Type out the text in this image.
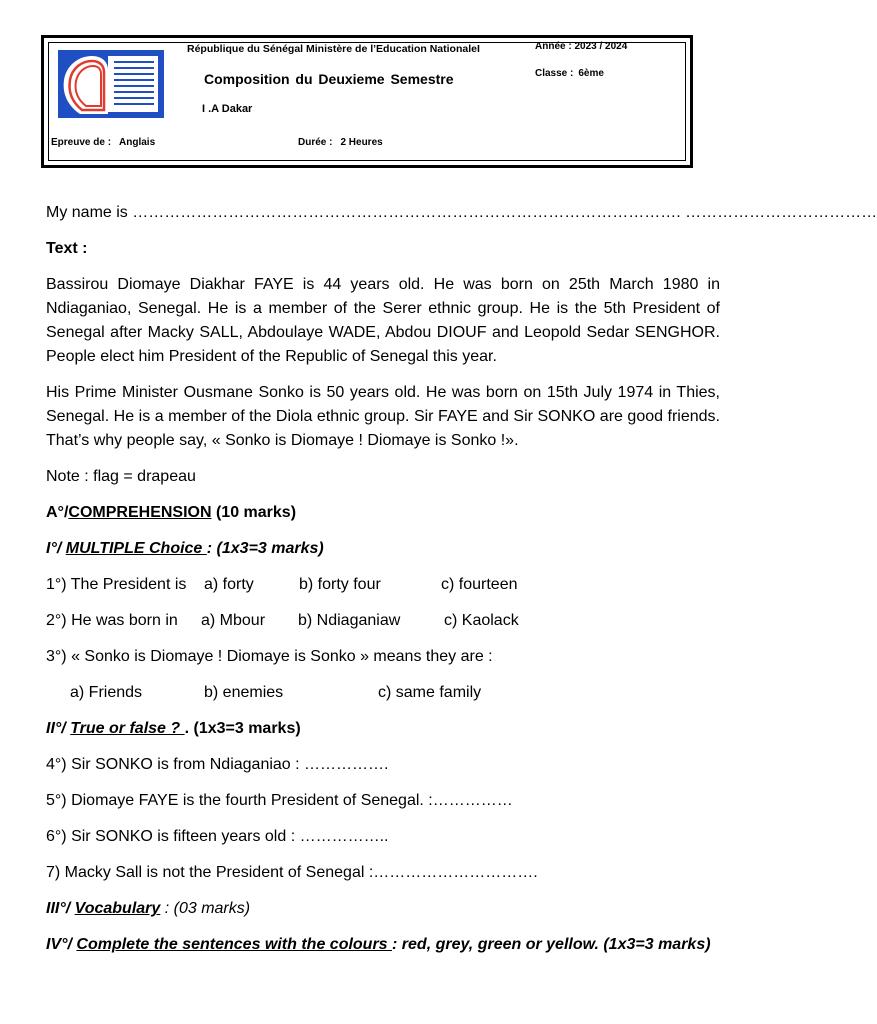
République du Sénégal Ministère de l’Education NationaleI	Année : 2023 / 2024
Composition du Deuxieme Semestre	Classe : 6ème
I .A Dakar
Epreuve de : Anglais	Durée : 2 Heures
My name is …………………………………………………………………………………………. ………………………………
Text :
Bassirou Diomaye Diakhar FAYE is 44 years old. He was born on 25th March 1980 in Ndiaganiao, Senegal. He is a member of the Serer ethnic group. He is the 5th President of Senegal after Macky SALL, Abdoulaye WADE, Abdou DIOUF and Leopold Sedar SENGHOR. People elect him President of the Republic of Senegal this year.
His Prime Minister Ousmane Sonko is 50 years old. He was born on 15th July 1974 in Thies, Senegal. He is a member of the Diola ethnic group. Sir FAYE and Sir SONKO are good friends. That’s why people say, « Sonko is Diomaye ! Diomaye is Sonko !».
Note : flag = drapeau
A°/COMPREHENSION (10 marks)
I°/ MULTIPLE Choice : (1x3=3 marks)
1°) The President is a) forty	b) forty four	c) fourteen
2°) He was born in a) Mbour b) Ndiaganiaw	c) Kaolack
3°) « Sonko is Diomaye ! Diomaye is Sonko » means they are :
a) Friends	b) enemies	c) same family
II°/ True or false ? . (1x3=3 marks)
4°) Sir SONKO is from Ndiaganiao : …………….
5°) Diomaye FAYE is the fourth President of Senegal. :……………
6°) Sir SONKO is fifteen years old : ……………..
7) Macky Sall is not the President of Senegal :………………………….
III°/ Vocabulary : (03 marks)
IV°/ Complete the sentences with the colours : red, grey, green or yellow. (1x3=3 marks)
